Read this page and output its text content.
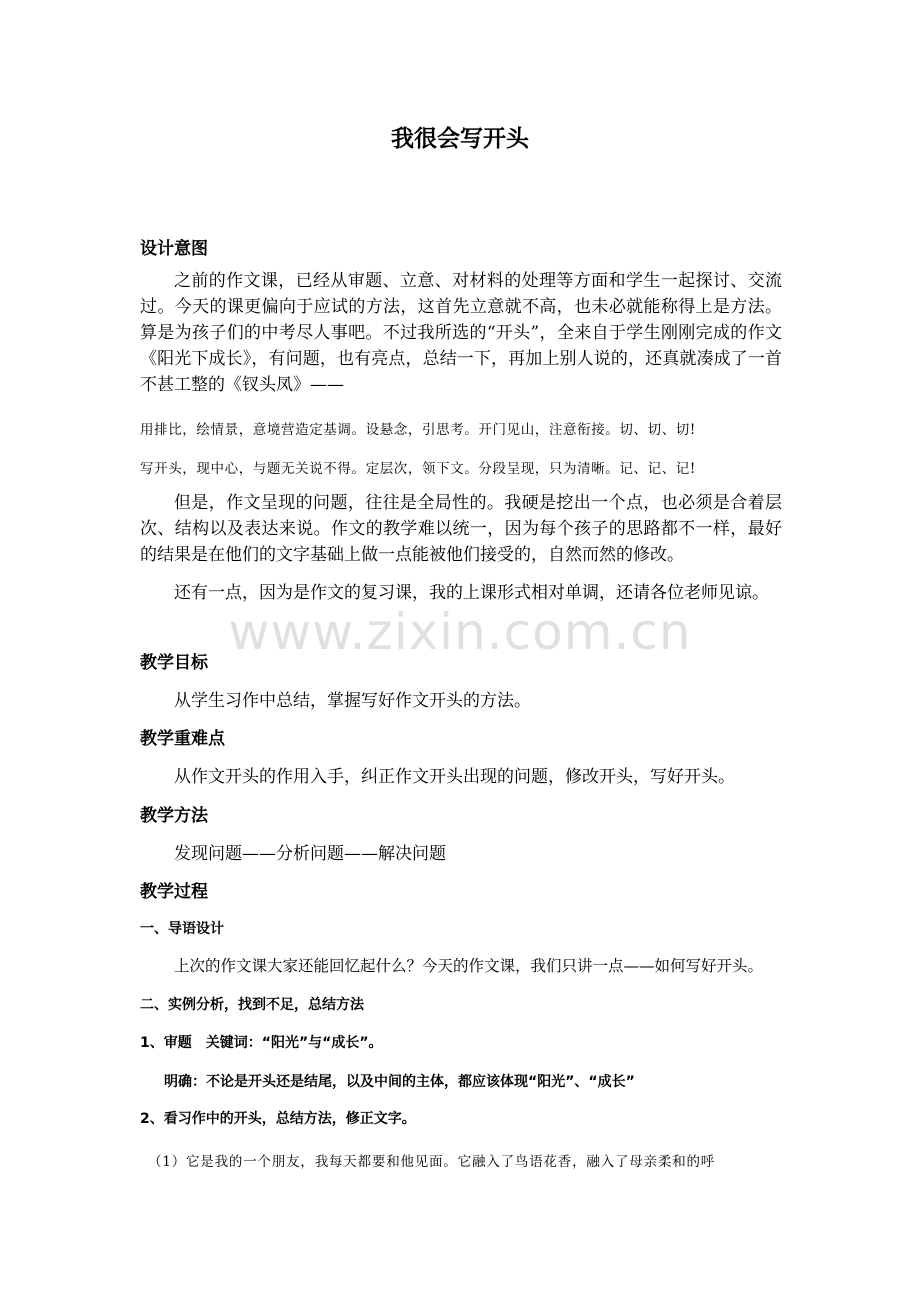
我很会写开头
设计意图
之前的作文课，已经从审题、立意、对材料的处理等方面和学生一起探讨、交流过。今天的课更偏向于应试的方法，这首先立意就不高，也未必就能称得上是方法。算是为孩子们的中考尽人事吧。不过我所选的“开头”，全来自于学生刚刚完成的作文《阳光下成长》，有问题，也有亮点，总结一下，再加上别人说的，还真就凑成了一首不甚工整的《钗头凤》——
用排比，绘情景，意境营造定基调。设悬念，引思考。开门见山，注意衔接。切、切、切!
写开头，现中心，与题无关说不得。定层次，领下文。分段呈现，只为清晰。记、记、记!
但是，作文呈现的问题，往往是全局性的。我硬是挖出一个点，也必须是合着层次、结构以及表达来说。作文的教学难以统一，因为每个孩子的思路都不一样，最好的结果是在他们的文字基础上做一点能被他们接受的，自然而然的修改。
还有一点，因为是作文的复习课，我的上课形式相对单调，还请各位老师见谅。
www.zixin.com.cn
教学目标
从学生习作中总结，掌握写好作文开头的方法。
教学重难点
从作文开头的作用入手，纠正作文开头出现的问题，修改开头，写好开头。
教学方法
发现问题——分析问题——解决问题
教学过程
一、导语设计
上次的作文课大家还能回忆起什么？今天的作文课，我们只讲一点——如何写好开头。
二、实例分析，找到不足，总结方法
1、审题　关键词：“阳光”与“成长”。
明确：不论是开头还是结尾，以及中间的主体，都应该体现“阳光”、“成长”
2、看习作中的开头，总结方法，修正文字。
（1）它是我的一个朋友，我每天都要和他见面。它融入了鸟语花香，融入了母亲柔和的呼
